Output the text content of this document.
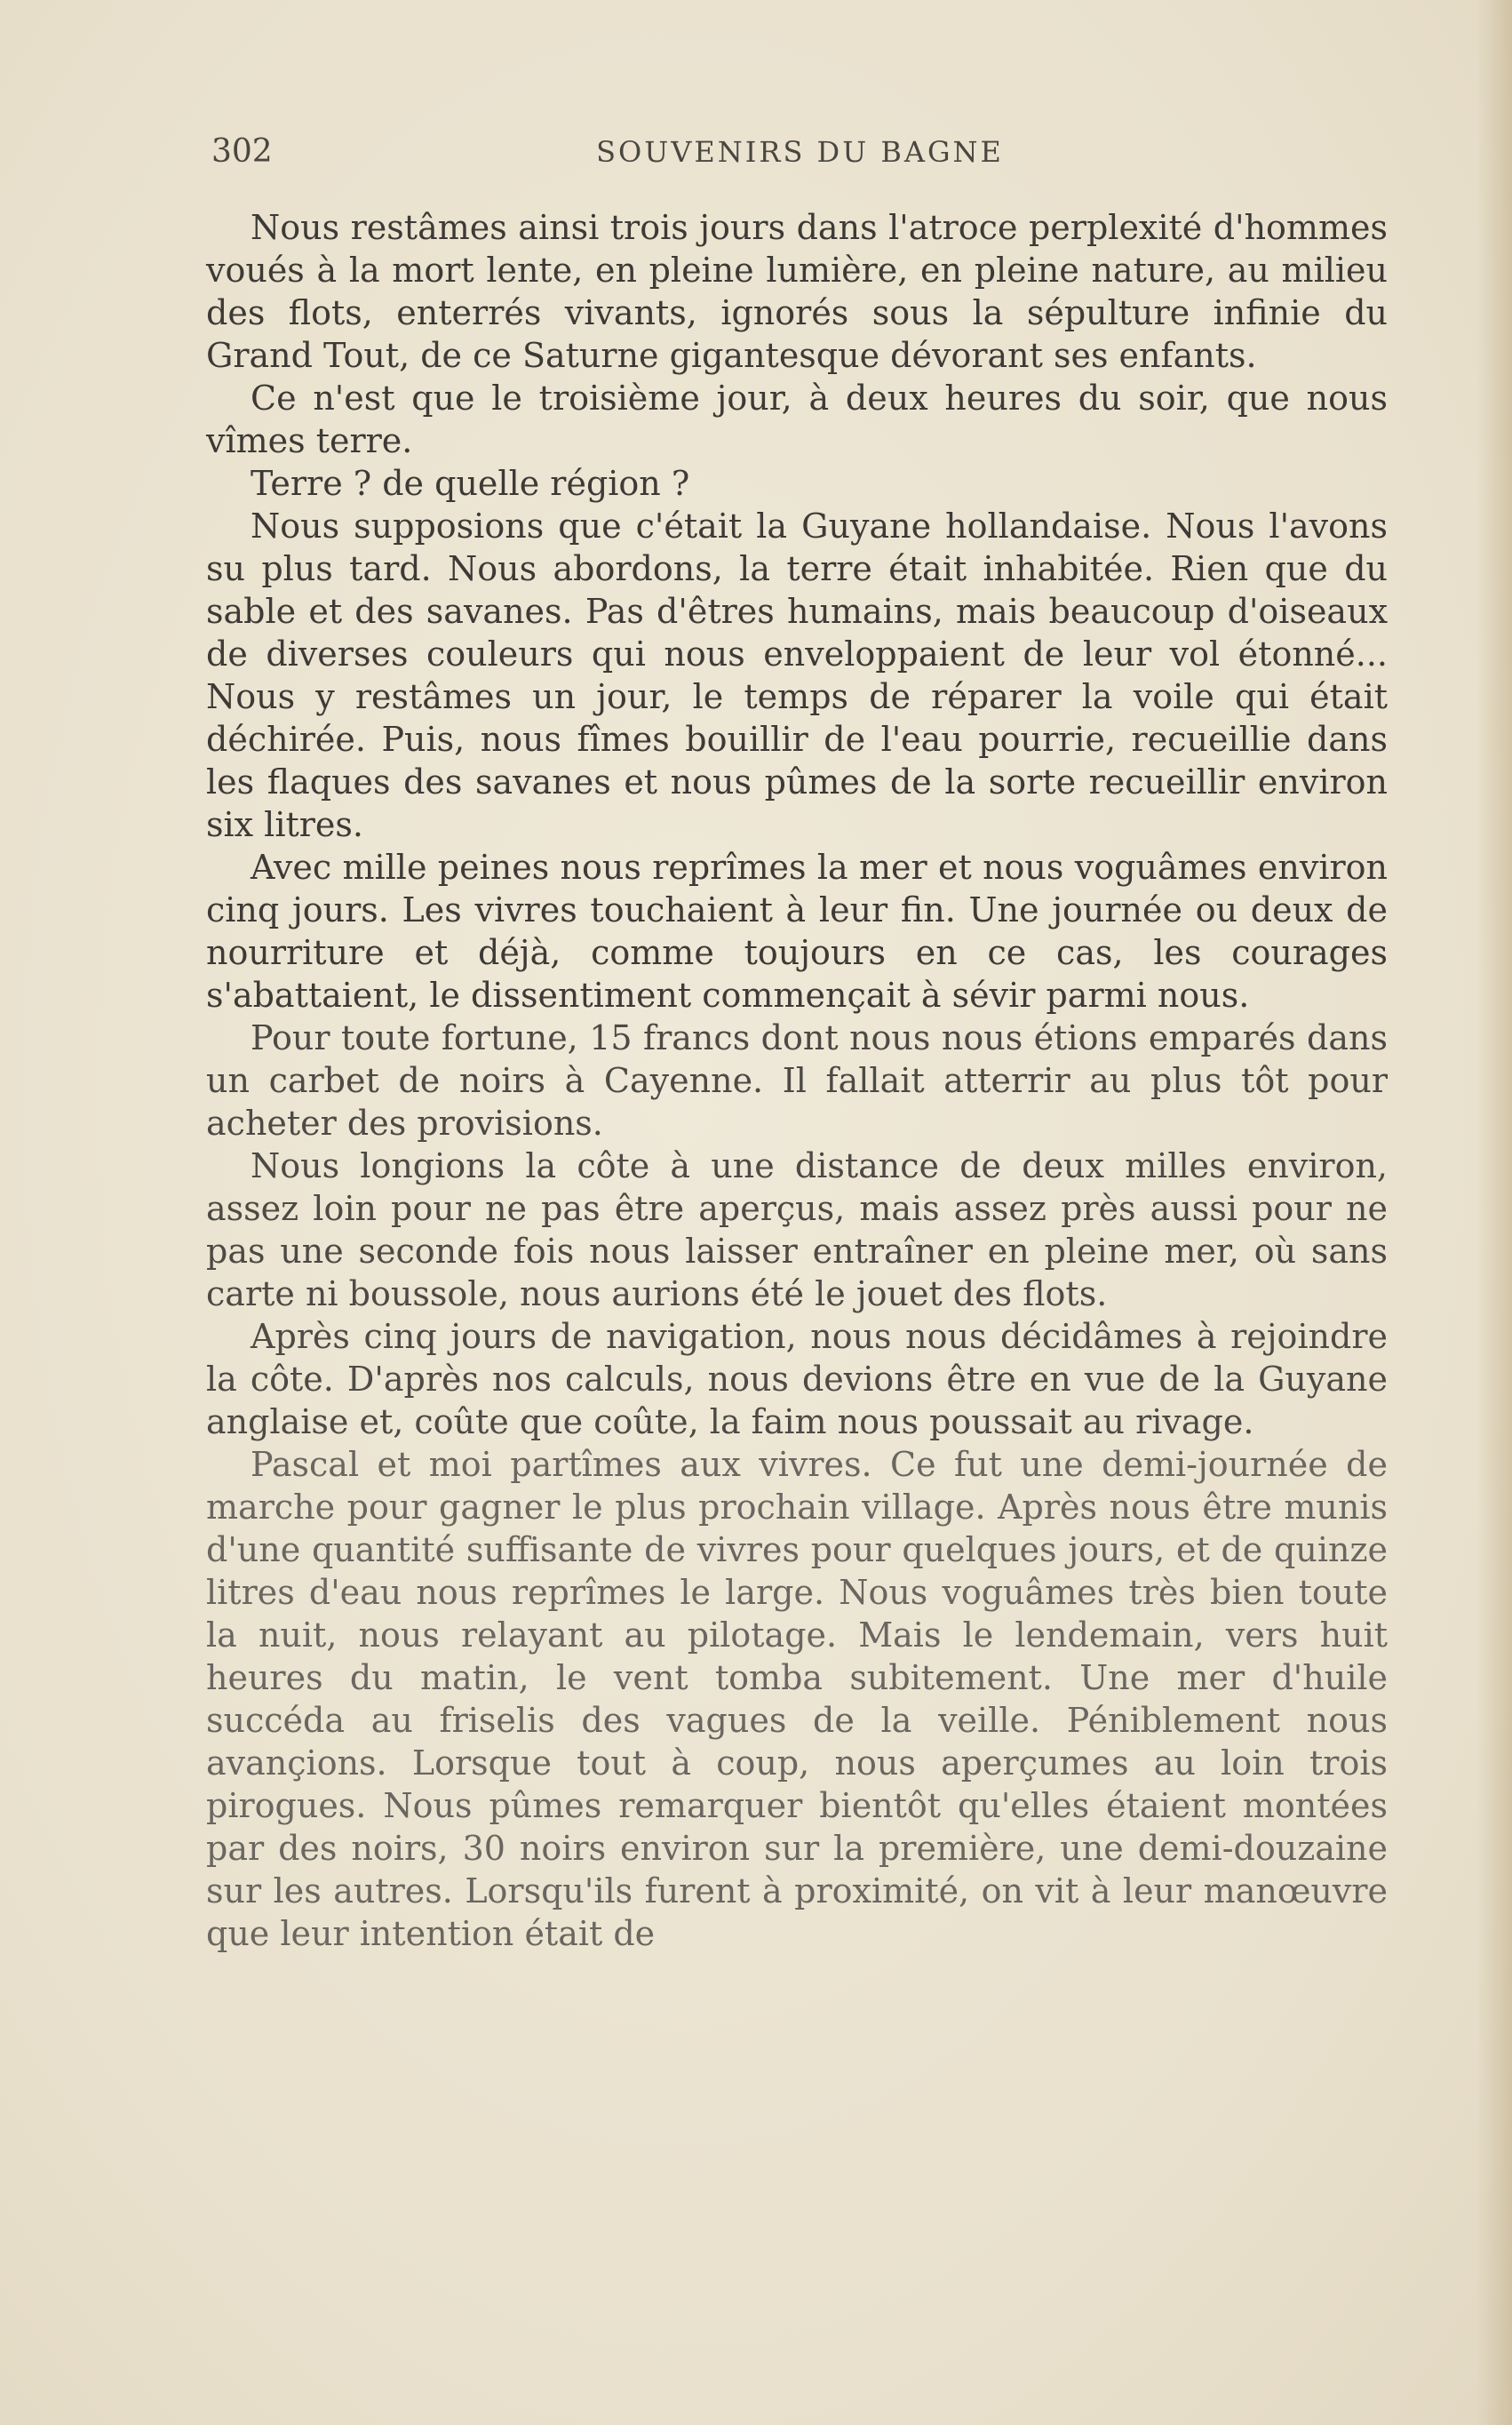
302	SOUVENIRS DU BAGNE

Nous restâmes ainsi trois jours dans l'atroce perplexité d'hommes voués à la mort lente, en pleine lumière, en pleine nature, au milieu des flots, enterrés vivants, ignorés sous la sépulture infinie du Grand Tout, de ce Saturne gigantesque dévorant ses enfants.

Ce n'est que le troisième jour, à deux heures du soir, que nous vîmes terre.

Terre ? de quelle région ?

Nous supposions que c'était la Guyane hollandaise. Nous l'avons su plus tard. Nous abordons, la terre était inhabitée. Rien que du sable et des savanes. Pas d'êtres humains, mais beaucoup d'oiseaux de diverses couleurs qui nous enveloppaient de leur vol étonné... Nous y restâmes un jour, le temps de réparer la voile qui était déchirée. Puis, nous fîmes bouillir de l'eau pourrie, recueillie dans les flaques des savanes et nous pûmes de la sorte recueillir environ six litres.

Avec mille peines nous reprîmes la mer et nous voguâmes environ cinq jours. Les vivres touchaient à leur fin. Une journée ou deux de nourriture et déjà, comme toujours en ce cas, les courages s'abattaient, le dissentiment commençait à sévir parmi nous.

Pour toute fortune, 15 francs dont nous nous étions emparés dans un carbet de noirs à Cayenne. Il fallait atterrir au plus tôt pour acheter des provisions.

Nous longions la côte à une distance de deux milles environ, assez loin pour ne pas être aperçus, mais assez près aussi pour ne pas une seconde fois nous laisser entraîner en pleine mer, où sans carte ni boussole, nous aurions été le jouet des flots.

Après cinq jours de navigation, nous nous décidâmes à rejoindre la côte. D'après nos calculs, nous devions être en vue de la Guyane anglaise et, coûte que coûte, la faim nous poussait au rivage.

Pascal et moi partîmes aux vivres. Ce fut une demi-journée de marche pour gagner le plus prochain village. Après nous être munis d'une quantité suffisante de vivres pour quelques jours, et de quinze litres d'eau nous reprîmes le large. Nous voguâmes très bien toute la nuit, nous relayant au pilotage. Mais le lendemain, vers huit heures du matin, le vent tomba subitement. Une mer d'huile succéda au friselis des vagues de la veille. Péniblement nous avançions. Lorsque tout à coup, nous aperçumes au loin trois pirogues. Nous pûmes remarquer bientôt qu'elles étaient montées par des noirs, 30 noirs environ sur la première, une demi-douzaine sur les autres. Lorsqu'ils furent à proximité, on vit à leur manœuvre que leur intention était de
